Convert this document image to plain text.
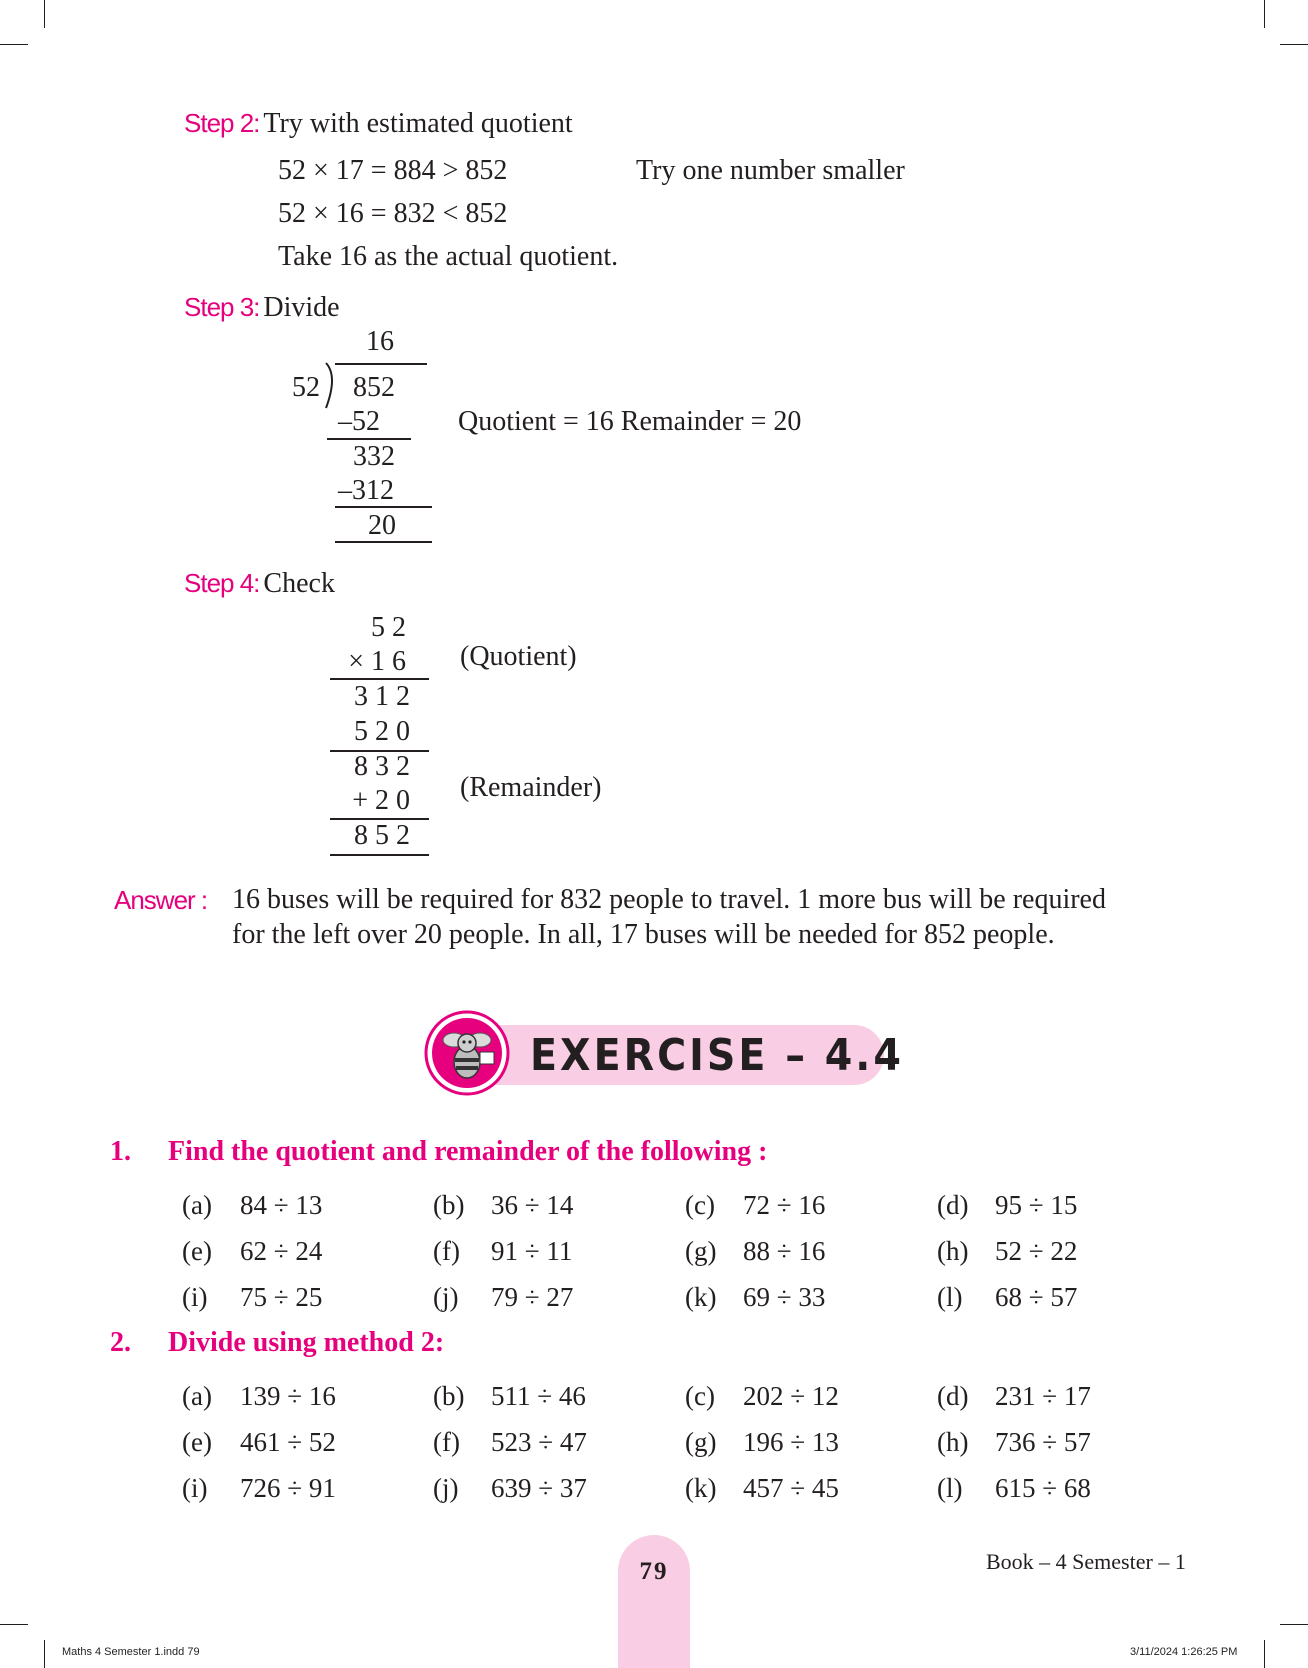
Step 2: Try with estimated quotient
52 × 17 = 884 > 852	Try one number smaller
52 × 16 = 832 < 852
Take 16 as the actual quotient.
Step 3: Divide
16
52 852
–52
332
–312
20
Quotient = 16 Remainder = 20
Step 4: Check
5 2
× 1 6
3 1 2
5 2 0
8 3 2
+ 2 0
8 5 2
(Quotient)
(Remainder)
Answer : 16 buses will be required for 832 people to travel. 1 more bus will be required
for the left over 20 people. In all, 17 buses will be needed for 852 people.
EXERCISE – 4.4
1. Find the quotient and remainder of the following :
(a) 84 ÷ 13	(b) 36 ÷ 14	(c) 72 ÷ 16	(d) 95 ÷ 15
(e) 62 ÷ 24	(f) 91 ÷ 11	(g) 88 ÷ 16	(h) 52 ÷ 22
(i) 75 ÷ 25	(j) 79 ÷ 27	(k) 69 ÷ 33	(l) 68 ÷ 57
2. Divide using method 2:
(a) 139 ÷ 16	(b) 511 ÷ 46	(c) 202 ÷ 12	(d) 231 ÷ 17
(e) 461 ÷ 52	(f) 523 ÷ 47	(g) 196 ÷ 13	(h) 736 ÷ 57
(i) 726 ÷ 91	(j) 639 ÷ 37	(k) 457 ÷ 45	(l) 615 ÷ 68
79	Book – 4 Semester – 1
Maths 4 Semester 1.indd 79	3/11/2024 1:26:25 PM
